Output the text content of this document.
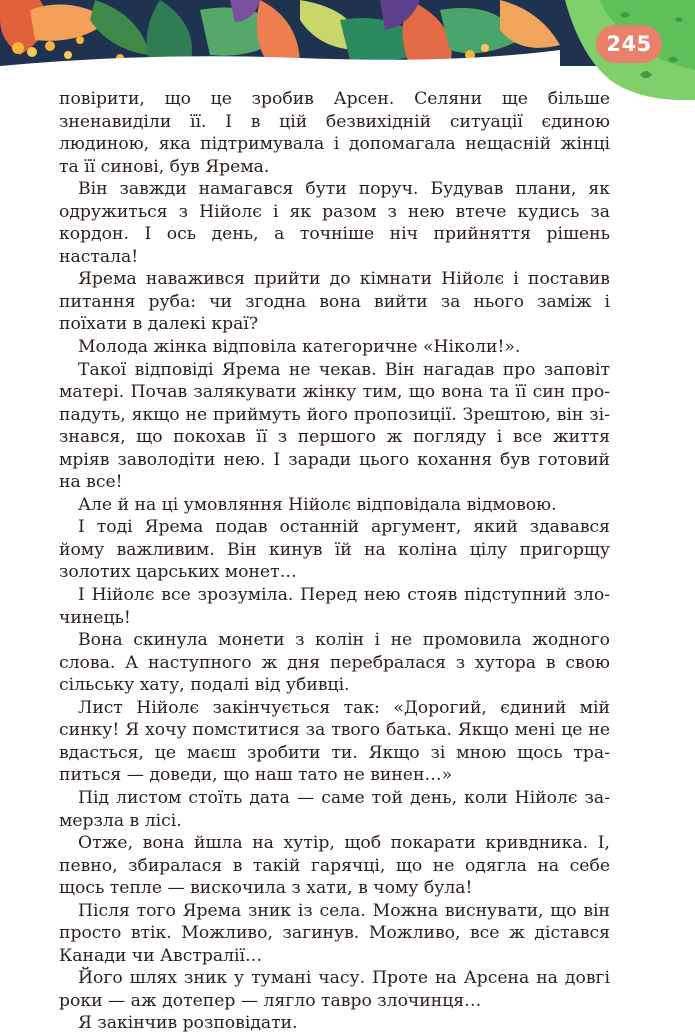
245

повірити, що це зробив Арсен. Селяни ще більше зненавиділи її. І в цій безвихідній ситуації єдиною людиною, яка підтримувала і допомагала нещасній жінці та її синові, був Ярема.

Він завжди намагався бути поруч. Будував плани, як одружиться з Нійолє і як разом з нею втече кудись за кордон. І ось день, а точніше ніч прийняття рішень настала!

Ярема наважився прийти до кімнати Нійолє і поставив питання руба: чи згодна вона вийти за нього заміж і поїхати в далекі краї?

Молода жінка відповіла категоричне «Ніколи!».

Такої відповіді Ярема не чекав. Він нагадав про заповіт матері. Почав залякувати жінку тим, що вона та її син пропадуть, якщо не приймуть його пропозиції. Зрештою, він зізнався, що покохав її з першого ж погляду і все життя мріяв заволодіти нею. І заради цього кохання був готовий на все!

Але й на ці умовляння Нійолє відповідала відмовою.

І тоді Ярема подав останній аргумент, який здавався йому важливим. Він кинув їй на коліна цілу пригорщу золотих царських монет…

І Нійолє все зрозуміла. Перед нею стояв підступний злочинець!

Вона скинула монети з колін і не промовила жодного слова. А наступного ж дня перебралася з хутора в свою сільську хату, подалі від убивці.

Лист Нійолє закінчується так: «Дорогий, єдиний мій синку! Я хочу помститися за твого батька. Якщо мені це не вдасться, це маєш зробити ти. Якщо зі мною щось трапиться — доведи, що наш тато не винен…»

Під листом стоїть дата — саме той день, коли Нійолє замерзла в лісі.

Отже, вона йшла на хутір, щоб покарати кривдника. І, певно, збиралася в такій гарячці, що не одягла на себе щось тепле — вискочила з хати, в чому була!

Після того Ярема зник із села. Можна виснувати, що він просто втік. Можливо, загинув. Можливо, все ж дістався Канади чи Австралії…

Його шлях зник у тумані часу. Проте на Арсена на довгі роки — аж дотепер — лягло тавро злочинця…

Я закінчив розповідати.
